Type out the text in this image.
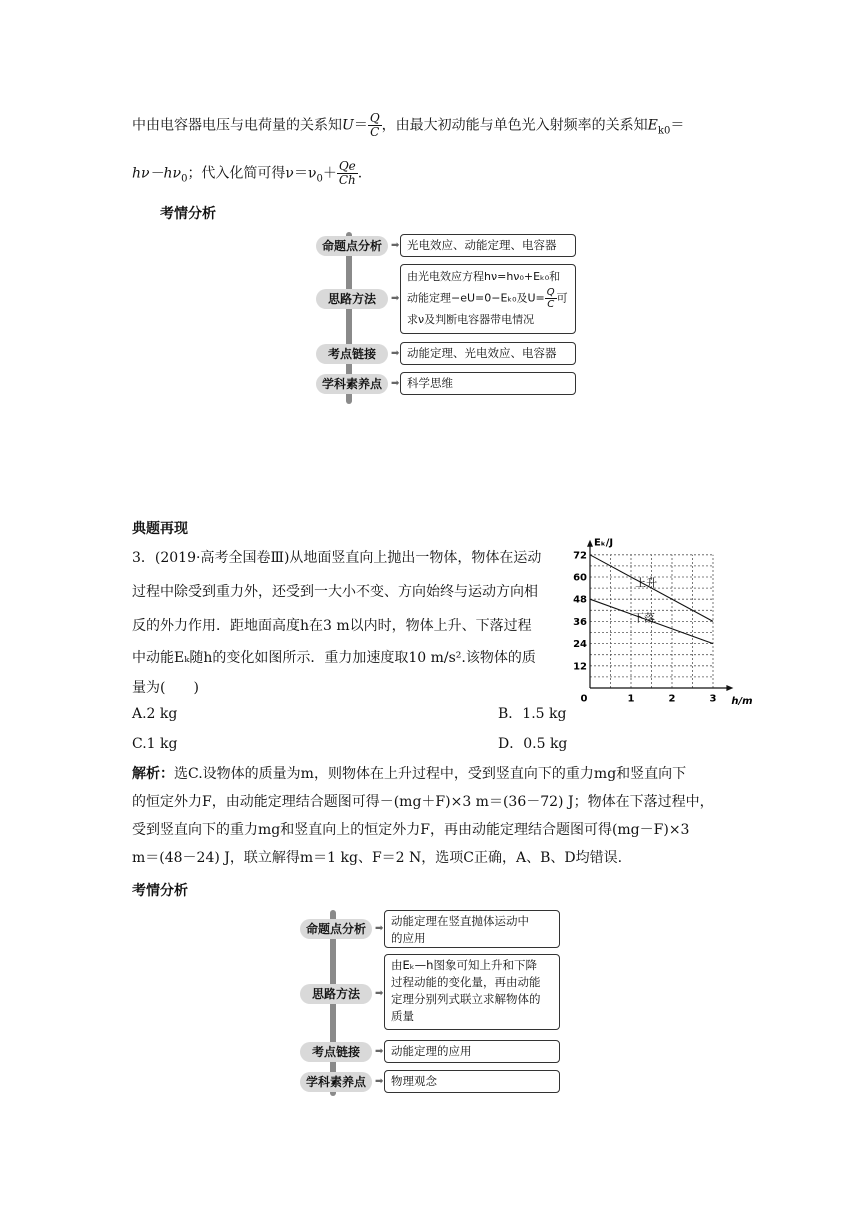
中由电容器电压与电荷量的关系知$U= \frac{Q}{C}$ ，由最大初动能与单色光入射频率的关系知$E_{k0}=$
$h\nu-h\nu_0$；代入化简可得$\nu=\nu_0+ \frac{Qe}{Ch}$ .
考情分析
命题点分析 ➡ 光电效应、动能定理、电容器
思路方法	➡
由光电效应方程hν=hν₀+Eₖ₀和
动能定理−eU=0−Eₖ₀及$U= \frac{Q}{C}$ 可
求ν及判断电容器带电情况
考点链接	➡ 动能定理、光电效应、电容器
学科素养点 ➡ 科学思维
典题再现
3．(2019·高考全国卷Ⅲ)从地面竖直向上抛出一物体，物体在运动
过程中除受到重力外，还受到一大小不变、方向始终与运动方向相
反的外力作用．距地面高度h在3 m以内时，物体上升、下落过程
中动能Eₖ随h的变化如图所示．重力加速度取10 m/s².该物体的质
量为(　　)
A.2 kg	B．1.5 kg
C.1 kg	D．0.5 kg
解析：选C.设物体的质量为m，则物体在上升过程中，受到竖直向下的重力mg和竖直向下
的恒定外力F，由动能定理结合题图可得－(mg＋F)×3 m＝(36－72) J；物体在下落过程中，
受到竖直向下的重力mg和竖直向上的恒定外力F，再由动能定理结合题图可得(mg－F)×3
m＝(48－24) J，联立解得m＝1 kg、F＝2 N，选项C正确，A、B、D均错误.
0	1	2	3
12
24
36
48
60
72
Eₖ/J
h/m
上升
下落
考情分析
命题点分析 ➡
动能定理在竖直抛体运动中
的应用
思路方法	➡
由Eₖ—h图象可知上升和下降
过程动能的变化量，再由动能
定理分别列式联立求解物体的
质量
考点链接	➡ 动能定理的应用
学科素养点 ➡ 物理观念
